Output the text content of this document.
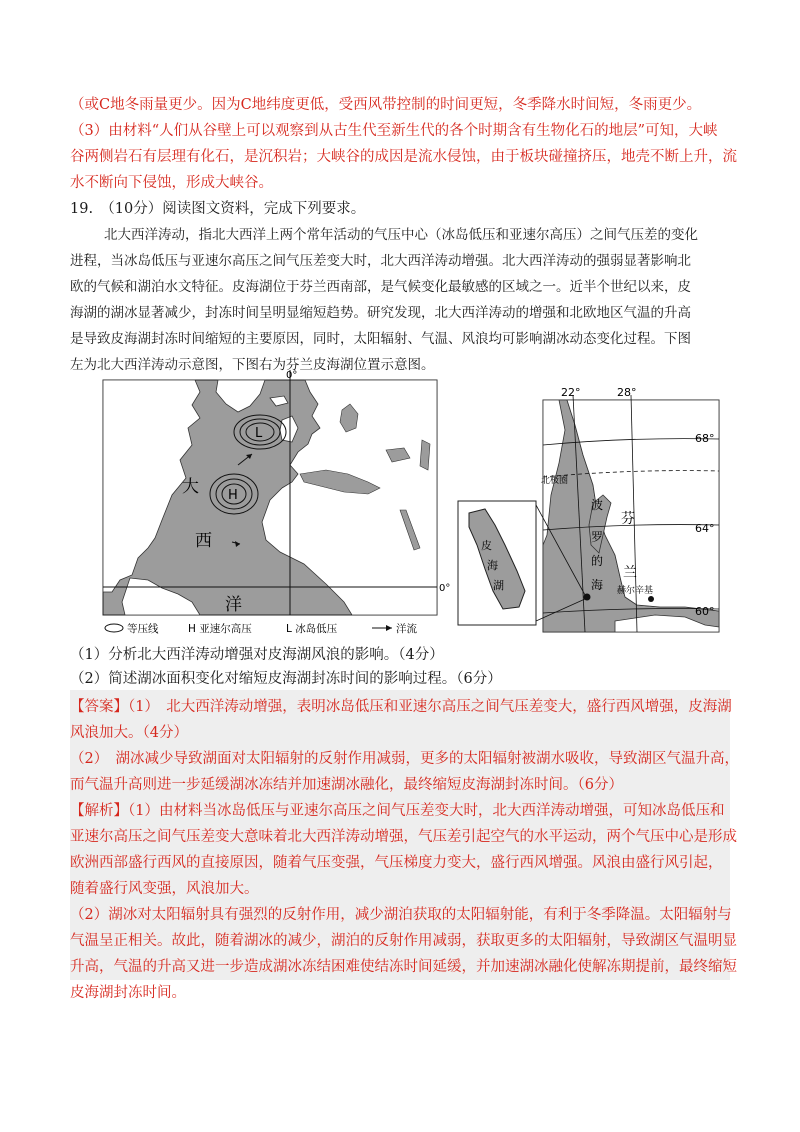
（或C地冬雨量更少。因为C地纬度更低，受西风带控制的时间更短，冬季降水时间短，冬雨更少。
（3）由材料“人们从谷壁上可以观察到从古生代至新生代的各个时期含有生物化石的地层”可知，大峡
谷两侧岩石有层理有化石，是沉积岩；大峡谷的成因是流水侵蚀，由于板块碰撞挤压，地壳不断上升，流
水不断向下侵蚀，形成大峡谷。
19.　（10分）阅读图文资料，完成下列要求。
北大西洋涛动，指北大西洋上两个常年活动的气压中心（冰岛低压和亚速尔高压）之间气压差的变化
进程，当冰岛低压与亚速尔高压之间气压差变大时，北大西洋涛动增强。北大西洋涛动的强弱显著影响北
欧的气候和湖泊水文特征。皮海湖位于芬兰西南部，是气候变化最敏感的区域之一。近半个世纪以来，皮
海湖的湖冰显著减少，封冻时间呈明显缩短趋势。研究发现，北大西洋涛动的增强和北欧地区气温的升高
是导致皮海湖封冻时间缩短的主要原因，同时，太阳辐射、气温、风浪均可影响湖冰动态变化过程。下图
左为北大西洋涛动示意图，下图右为芬兰皮海湖位置示意图。
L
H
大
西
洋
0°
0°
等压线	H 亚速尔高压	L 冰岛低压	洋流
22°	28°
68°
64°
60°
北极圈
波
罗
的
海
芬
兰
赫尔辛基
皮
海
湖
（1）分析北大西洋涛动增强对皮海湖风浪的影响。（4分）
（2）简述湖冰面积变化对缩短皮海湖封冻时间的影响过程。（6分）
【答案】（1）　北大西洋涛动增强，表明冰岛低压和亚速尔高压之间气压差变大，盛行西风增强，皮海湖
风浪加大。（4分）
（2）　湖冰减少导致湖面对太阳辐射的反射作用减弱，更多的太阳辐射被湖水吸收，导致湖区气温升高，
而气温升高则进一步延缓湖冰冻结并加速湖冰融化，最终缩短皮海湖封冻时间。（6分）
【解析】（1）由材料当冰岛低压与亚速尔高压之间气压差变大时，北大西洋涛动增强，可知冰岛低压和
亚速尔高压之间气压差变大意味着北大西洋涛动增强，气压差引起空气的水平运动，两个气压中心是形成
欧洲西部盛行西风的直接原因，随着气压变强，气压梯度力变大，盛行西风增强。风浪由盛行风引起，
随着盛行风变强，风浪加大。
（2）湖冰对太阳辐射具有强烈的反射作用，减少湖泊获取的太阳辐射能，有利于冬季降温。太阳辐射与
气温呈正相关。故此，随着湖冰的减少，湖泊的反射作用减弱，获取更多的太阳辐射，导致湖区气温明显
升高，气温的升高又进一步造成湖冰冻结困难使结冻时间延缓，并加速湖冰融化使解冻期提前，最终缩短
皮海湖封冻时间。
